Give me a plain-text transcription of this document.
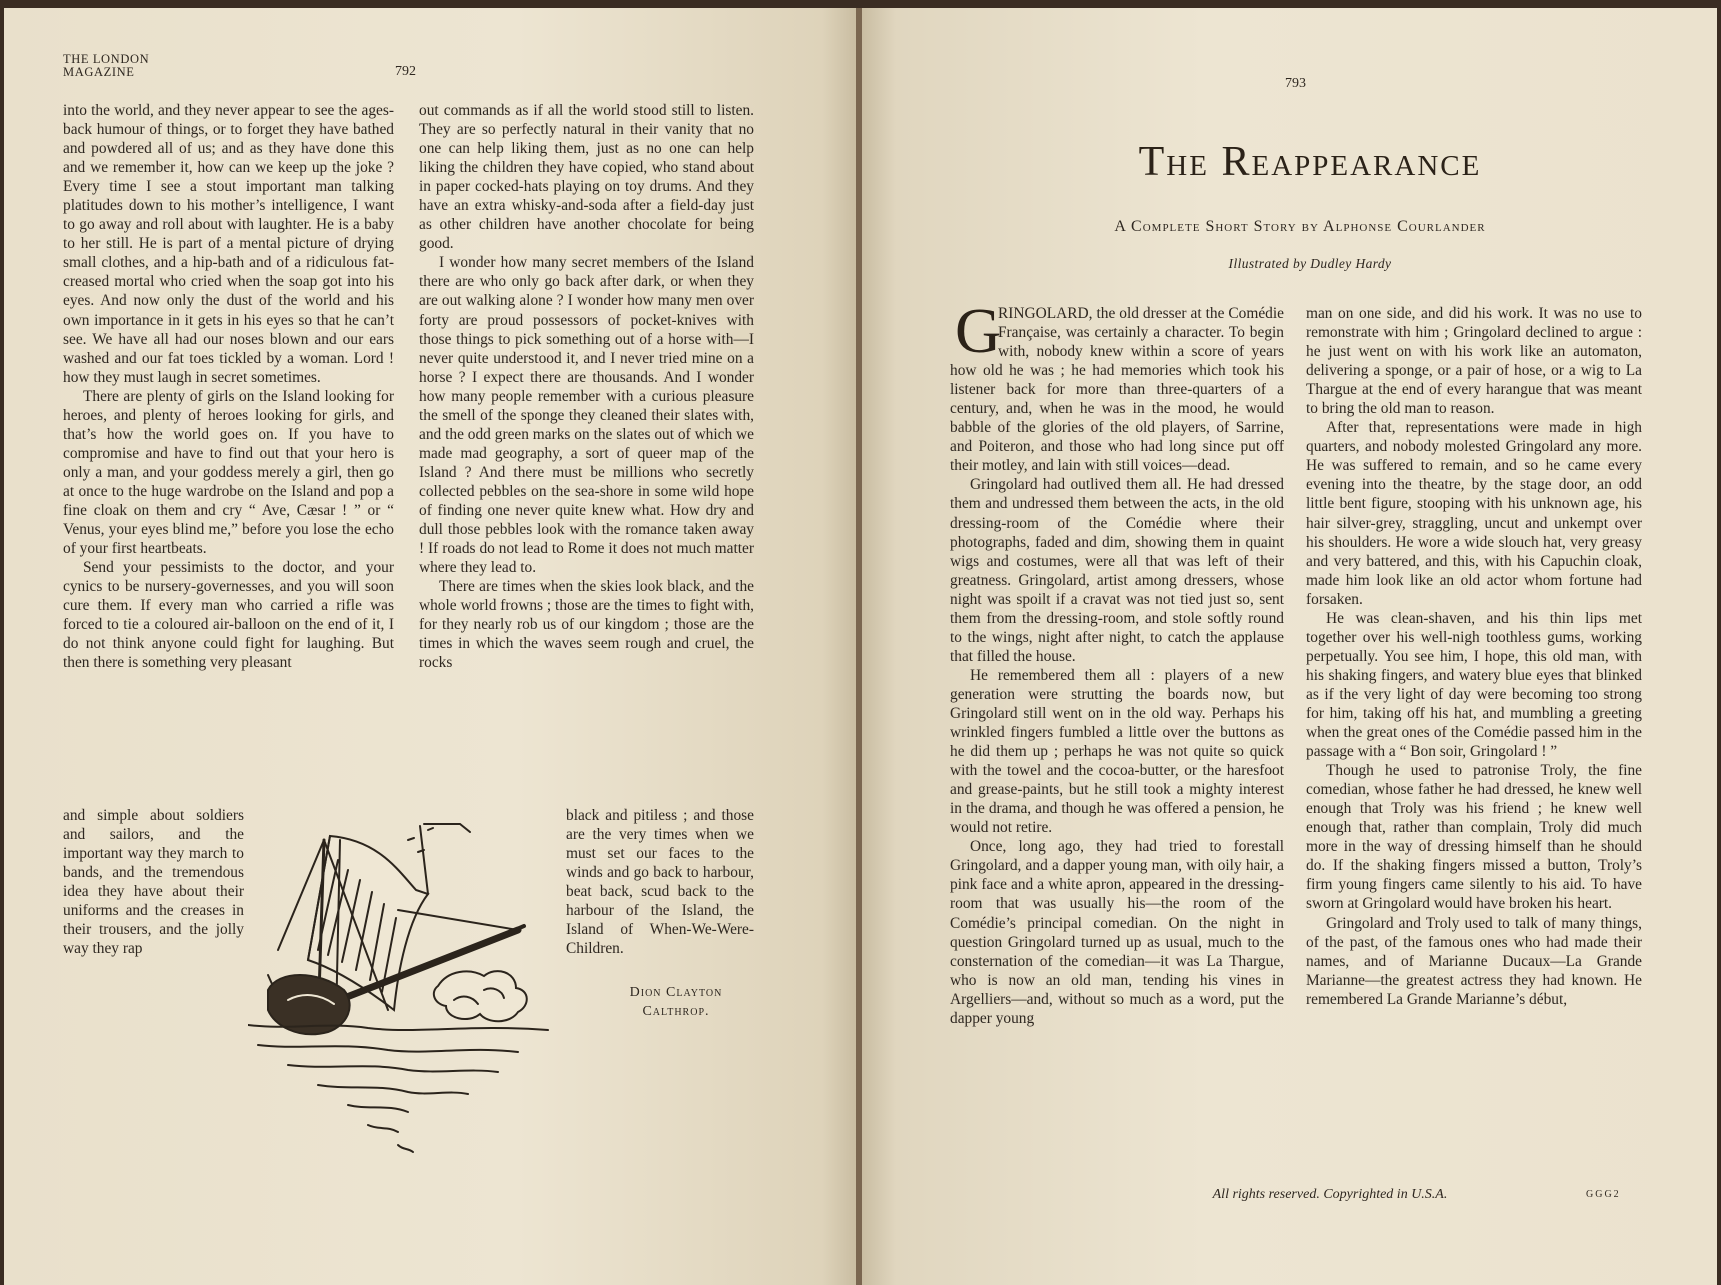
THE LONDON MAGAZINE	792

into the world, and they never appear to see the ages-back humour of things, or to forget they have bathed and powdered all of us; and as they have done this and we remember it, how can we keep up the joke ? Every time I see a stout important man talking platitudes down to his mother’s intelligence, I want to go away and roll about with laughter. He is a baby to her still. He is part of a mental picture of drying small clothes, and a hip-bath and of a ridiculous fat-creased mortal who cried when the soap got into his eyes. And now only the dust of the world and his own importance in it gets in his eyes so that he can’t see. We have all had our noses blown and our ears washed and our fat toes tickled by a woman. Lord ! how they must laugh in secret sometimes.

There are plenty of girls on the Island looking for heroes, and plenty of heroes looking for girls, and that’s how the world goes on. If you have to compromise and have to find out that your hero is only a man, and your goddess merely a girl, then go at once to the huge wardrobe on the Island and pop a fine cloak on them and cry “ Ave, Cæsar ! ” or “ Venus, your eyes blind me,” before you lose the echo of your first heartbeats.

Send your pessimists to the doctor, and your cynics to be nursery-governesses, and you will soon cure them. If every man who carried a rifle was forced to tie a coloured air-balloon on the end of it, I do not think anyone could fight for laughing. But then there is something very pleasant

and simple about soldiers and sailors, and the important way they march to bands, and the tremendous idea they have about their uniforms and the creases in their trousers, and the jolly way they rap

out commands as if all the world stood still to listen. They are so perfectly natural in their vanity that no one can help liking them, just as no one can help liking the children they have copied, who stand about in paper cocked-hats playing on toy drums. And they have an extra whisky-and-soda after a field-day just as other children have another chocolate for being good.

I wonder how many secret members of the Island there are who only go back after dark, or when they are out walking alone ? I wonder how many men over forty are proud possessors of pocket-knives with those things to pick something out of a horse with—I never quite understood it, and I never tried mine on a horse ? I expect there are thousands. And I wonder how many people remember with a curious pleasure the smell of the sponge they cleaned their slates with, and the odd green marks on the slates out of which we made mad geography, a sort of queer map of the Island ? And there must be millions who secretly collected pebbles on the sea-shore in some wild hope of finding one never quite knew what. How dry and dull those pebbles look with the romance taken away ! If roads do not lead to Rome it does not much matter where they lead to.

There are times when the skies look black, and the whole world frowns ; those are the times to fight with, for they nearly rob us of our kingdom ; those are the times in which the waves seem rough and cruel, the rocks

black and pitiless ; and those are the very times when we must set our faces to the winds and go back to harbour, beat back, scud back to the harbour of the Island, the Island of When-We-Were-Children.

Dion Clayton
Calthrop.
793
The Reappearance
A Complete Short Story by Alphonse Courlander
Illustrated by Dudley Hardy
G

RINGOLARD, the old dresser at the Comédie Française, was certainly a character. To begin with, nobody knew within a score of years how old he was ; he had memories which took his listener back for more than three-quarters of a century, and, when he was in the mood, he would babble of the glories of the old players, of Sarrine, and Poiteron, and those who had long since put off their motley, and lain with still voices—dead.

Gringolard had outlived them all. He had dressed them and undressed them between the acts, in the old dressing-room of the Comédie where their photographs, faded and dim, showing them in quaint wigs and costumes, were all that was left of their greatness. Gringolard, artist among dressers, whose night was spoilt if a cravat was not tied just so, sent them from the dressing-room, and stole softly round to the wings, night after night, to catch the applause that filled the house.

He remembered them all : players of a new generation were strutting the boards now, but Gringolard still went on in the old way. Perhaps his wrinkled fingers fumbled a little over the buttons as he did them up ; perhaps he was not quite so quick with the towel and the cocoa-butter, or the haresfoot and grease-paints, but he still took a mighty interest in the drama, and though he was offered a pension, he would not retire.

Once, long ago, they had tried to forestall Gringolard, and a dapper young man, with oily hair, a pink face and a white apron, appeared in the dressing-room that was usually his—the room of the Comédie’s principal comedian. On the night in question Gringolard turned up as usual, much to the consternation of the comedian—it was La Thargue, who is now an old man, tending his vines in Argelliers—and, without so much as a word, put the dapper young

man on one side, and did his work. It was no use to remonstrate with him ; Gringolard declined to argue : he just went on with his work like an automaton, delivering a sponge, or a pair of hose, or a wig to La Thargue at the end of every harangue that was meant to bring the old man to reason.

After that, representations were made in high quarters, and nobody molested Gringolard any more. He was suffered to remain, and so he came every evening into the theatre, by the stage door, an odd little bent figure, stooping with his unknown age, his hair silver-grey, straggling, uncut and unkempt over his shoulders. He wore a wide slouch hat, very greasy and very battered, and this, with his Capuchin cloak, made him look like an old actor whom fortune had forsaken.

He was clean-shaven, and his thin lips met together over his well-nigh toothless gums, working perpetually. You see him, I hope, this old man, with his shaking fingers, and watery blue eyes that blinked as if the very light of day were becoming too strong for him, taking off his hat, and mumbling a greeting when the great ones of the Comédie passed him in the passage with a “ Bon soir, Gringolard ! ”

Though he used to patronise Troly, the fine comedian, whose father he had dressed, he knew well enough that Troly was his friend ; he knew well enough that, rather than complain, Troly did much more in the way of dressing himself than he should do. If the shaking fingers missed a button, Troly’s firm young fingers came silently to his aid. To have sworn at Gringolard would have broken his heart.

Gringolard and Troly used to talk of many things, of the past, of the famous ones who had made their names, and of Marianne Ducaux—La Grande Marianne—the greatest actress they had known. He remembered La Grande Marianne’s début,

All rights reserved. Copyrighted in U.S.A.	GGG2
